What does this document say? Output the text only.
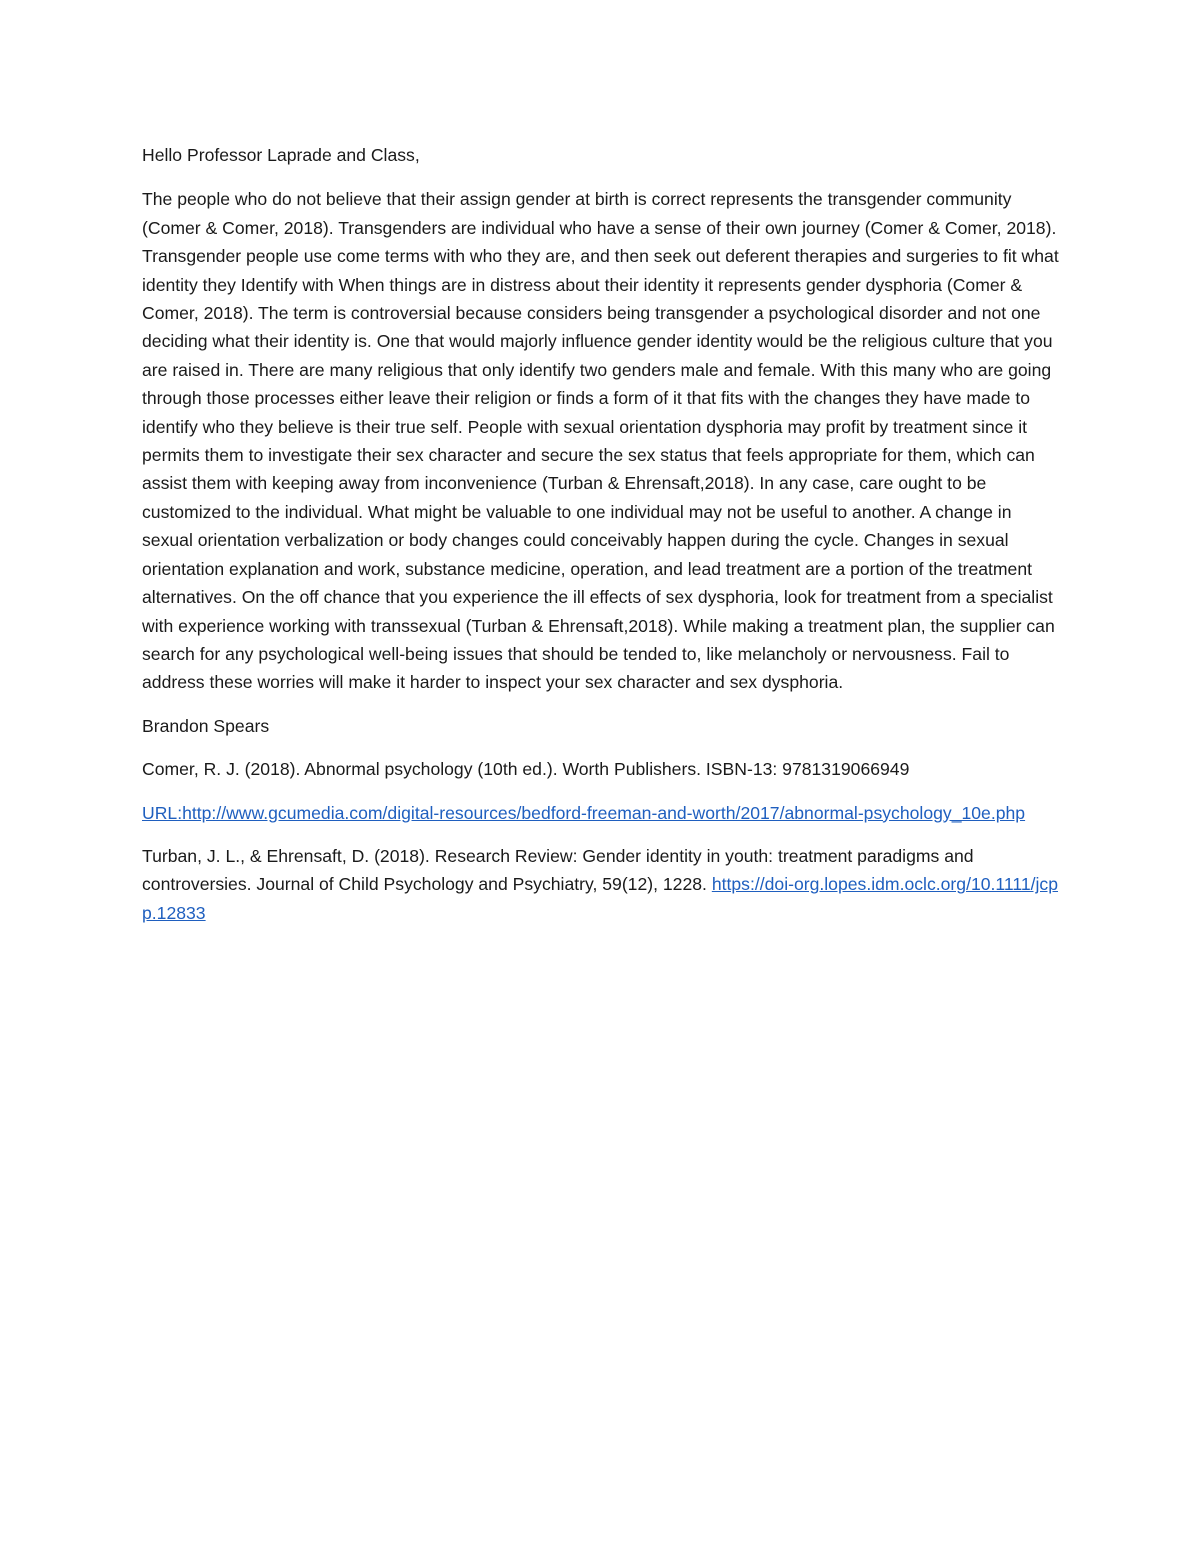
Hello Professor Laprade and Class,

The people who do not believe that their assign gender at birth is correct represents the transgender community (Comer & Comer, 2018). Transgenders are individual who have a sense of their own journey (Comer & Comer, 2018). Transgender people use come terms with who they are, and then seek out deferent therapies and surgeries to fit what identity they Identify with When things are in distress about their identity it represents gender dysphoria (Comer & Comer, 2018). The term is controversial because considers being transgender a psychological disorder and not one deciding what their identity is. One that would majorly influence gender identity would be the religious culture that you are raised in. There are many religious that only identify two genders male and female. With this many who are going through those processes either leave their religion or finds a form of it that fits with the changes they have made to identify who they believe is their true self. People with sexual orientation dysphoria may profit by treatment since it permits them to investigate their sex character and secure the sex status that feels appropriate for them, which can assist them with keeping away from inconvenience (Turban & Ehrensaft,2018). In any case, care ought to be customized to the individual. What might be valuable to one individual may not be useful to another. A change in sexual orientation verbalization or body changes could conceivably happen during the cycle. Changes in sexual orientation explanation and work, substance medicine, operation, and lead treatment are a portion of the treatment alternatives. On the off chance that you experience the ill effects of sex dysphoria, look for treatment from a specialist with experience working with transsexual (Turban & Ehrensaft,2018). While making a treatment plan, the supplier can search for any psychological well-being issues that should be tended to, like melancholy or nervousness. Fail to address these worries will make it harder to inspect your sex character and sex dysphoria.

Brandon Spears

Comer, R. J. (2018). Abnormal psychology (10th ed.). Worth Publishers. ISBN-13: 9781319066949

URL:http://www.gcumedia.com/digital-resources/bedford-freeman-and-worth/2017/abnormal-psychology_10e.php

Turban, J. L., & Ehrensaft, D. (2018). Research Review: Gender identity in youth: treatment paradigms and controversies. Journal of Child Psychology and Psychiatry, 59(12), 1228. https://doi-org.lopes.idm.oclc.org/10.1111/jcpp.12833
